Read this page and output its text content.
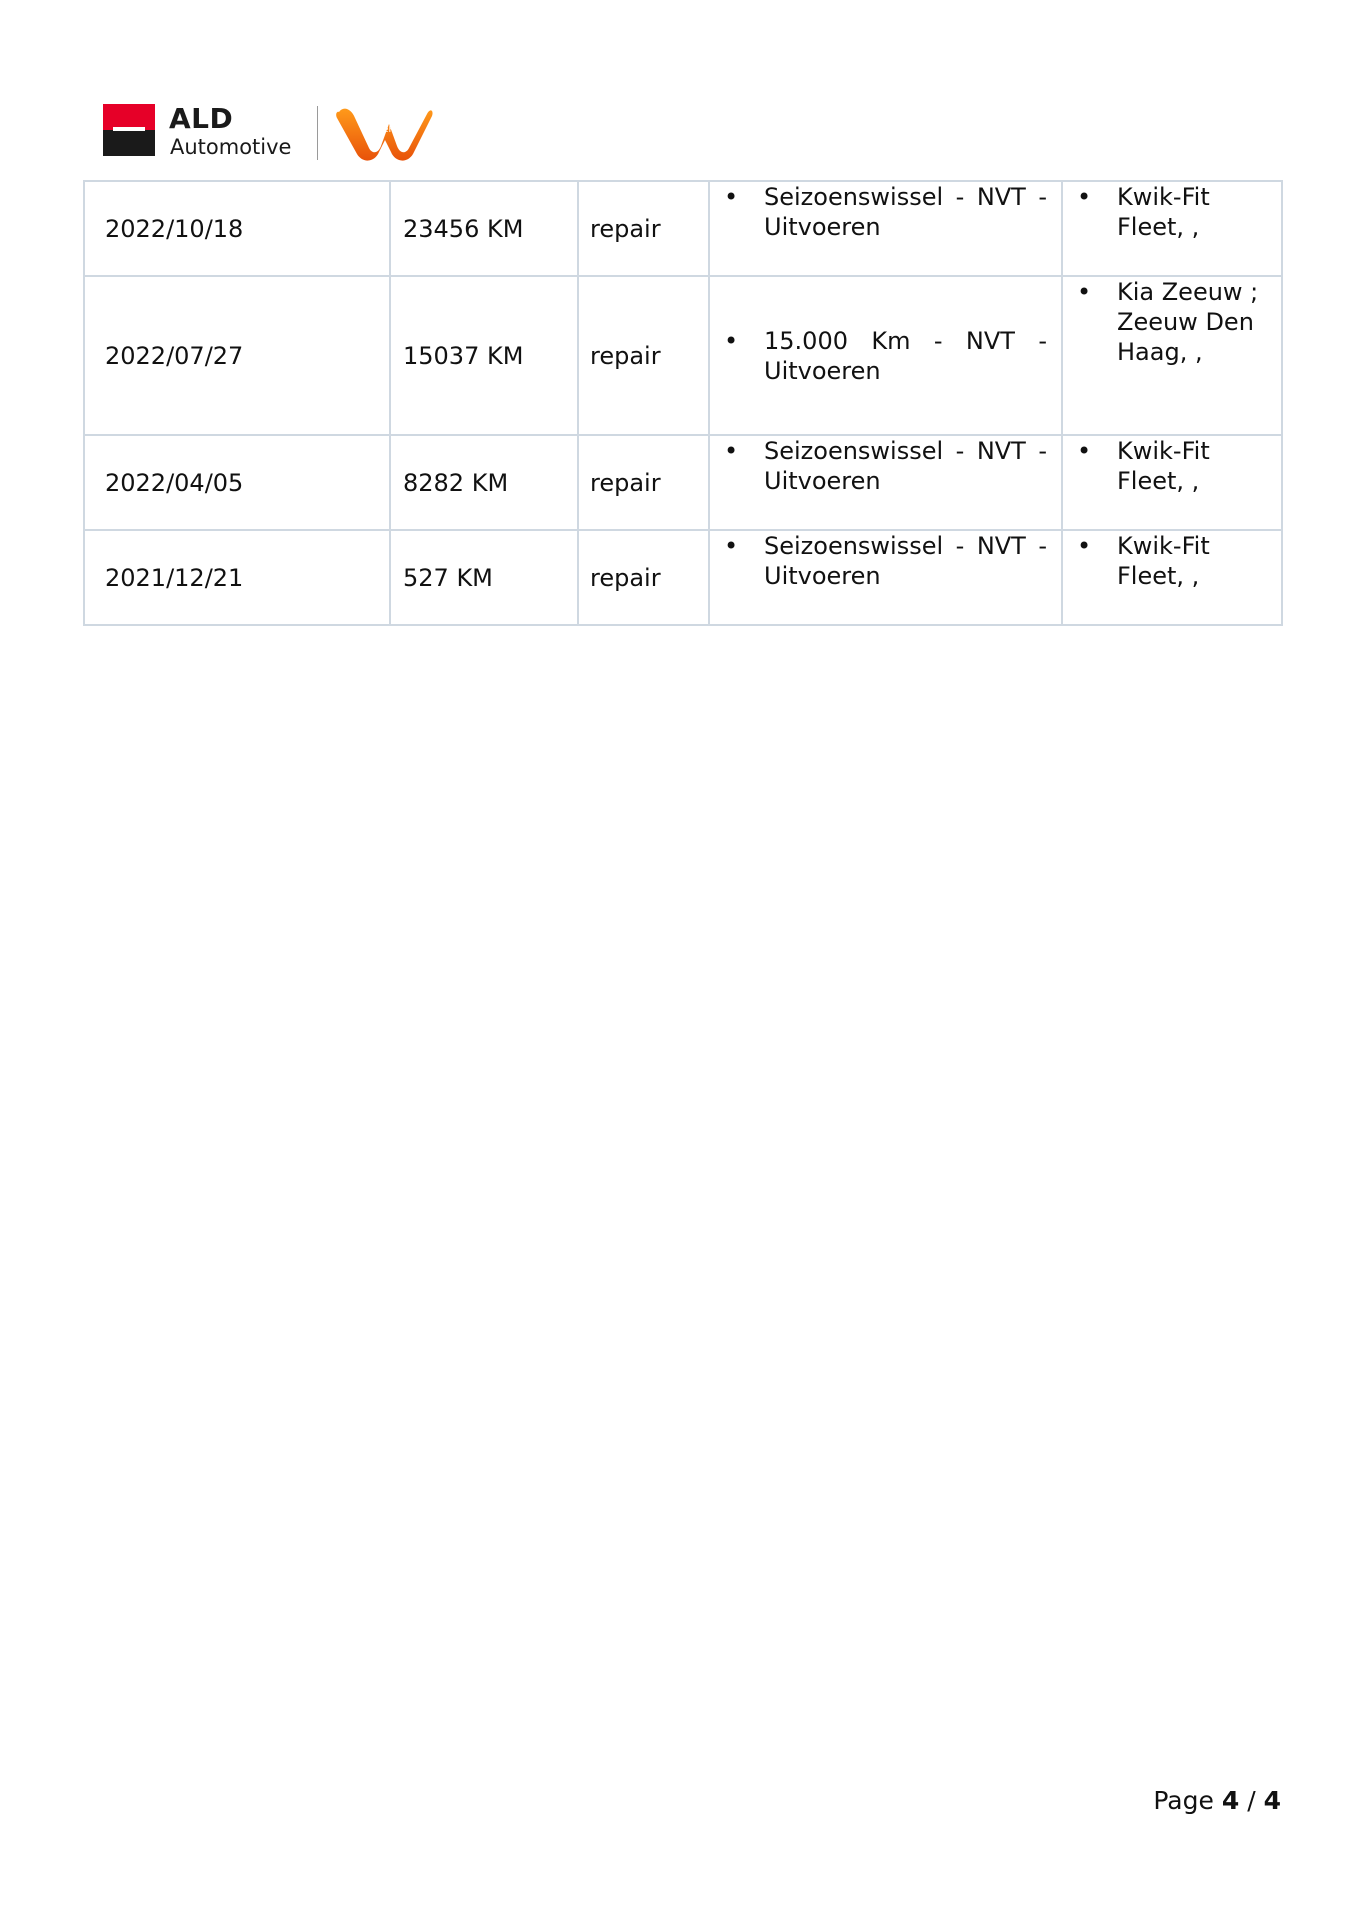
ALD
Automotive
LeasePlan
2022/10/18	23456 KM	repair	• Seizoenswissel - NVT - Uitvoeren	• Kwik-Fit Fleet, ,

2022/07/27	15037 KM	repair	• 15.000 Km - NVT - Uitvoeren	• Kia Zeeuw ; Zeeuw Den Haag, ,

2022/04/05	8282 KM	repair	• Seizoenswissel - NVT - Uitvoeren	• Kwik-Fit Fleet, ,

2021/12/21	527 KM	repair	• Seizoenswissel - NVT - Uitvoeren	• Kwik-Fit Fleet, ,
Page 4 / 4
